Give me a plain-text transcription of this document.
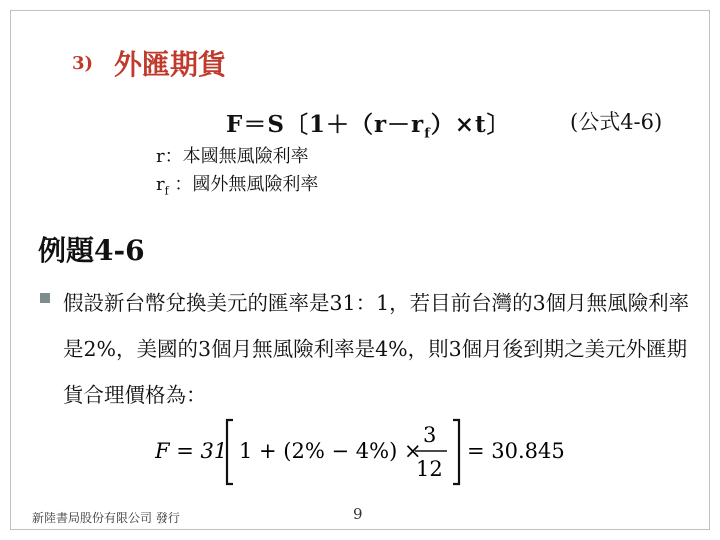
3) 外匯期貨
F＝S〔$1+(r-r_f)\times t$〕	(公式4-6)
r：本國無風險利率
$r_f$ ：國外無風險利率
例題4-6
假設新台幣兌換美元的匯率是31：1，若目前台灣的3個月無風險利率是2%，美國的3個月無風險利率是4%，則3個月後到期之美元外匯期貨合理價格為：
F = 31 1 + (2% − 4%) ×
3
12
= 30.845
新陸書局股份有限公司 發行	9
